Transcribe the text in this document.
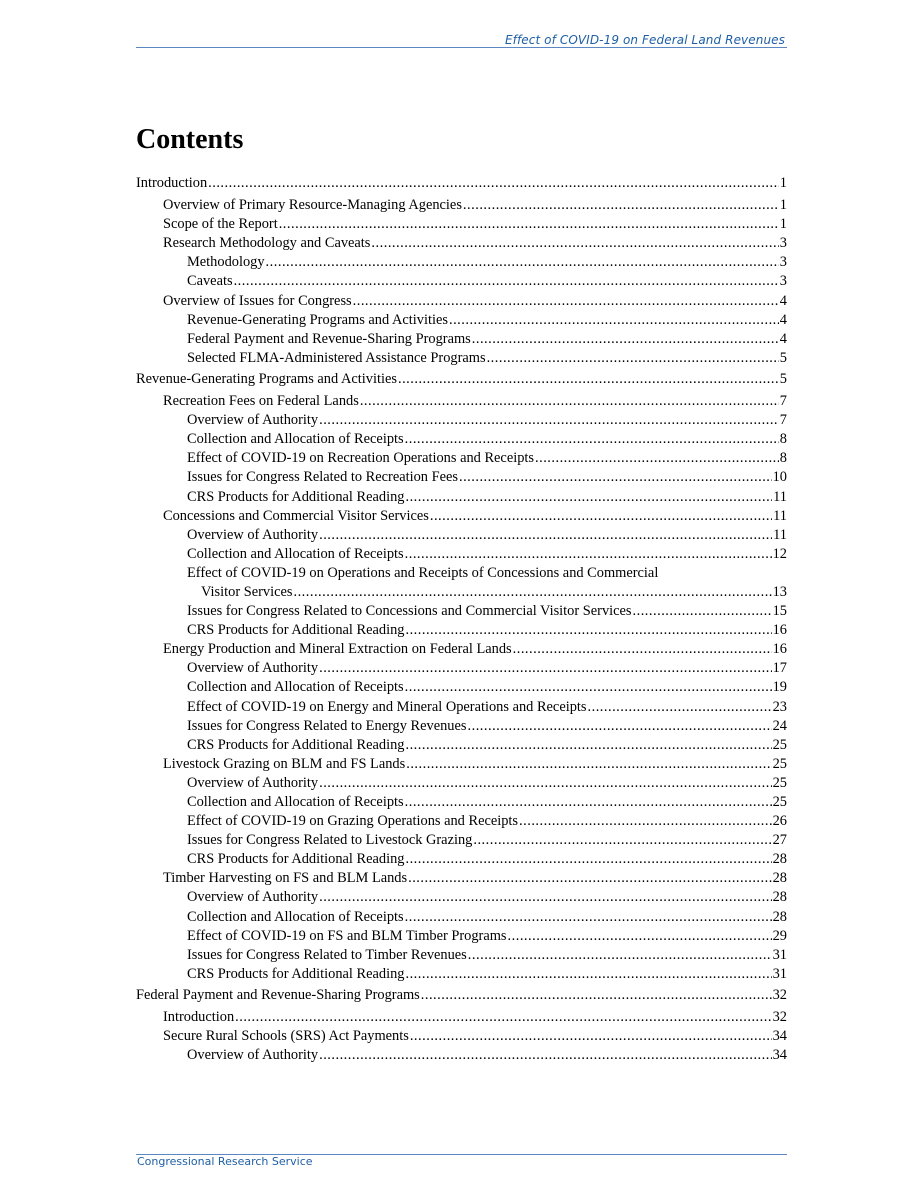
Effect of COVID-19 on Federal Land Revenues
Contents
Introduction .....	1
Overview of Primary Resource-Managing Agencies .....	1
Scope of the Report .....	1
Research Methodology and Caveats .....	3
Methodology .....	3
Caveats .....	3
Overview of Issues for Congress .....	4
Revenue-Generating Programs and Activities .....	4
Federal Payment and Revenue-Sharing Programs .....	4
Selected FLMA-Administered Assistance Programs .....	5
Revenue-Generating Programs and Activities .....	5
Recreation Fees on Federal Lands .....	7
Overview of Authority .....	7
Collection and Allocation of Receipts .....	8
Effect of COVID-19 on Recreation Operations and Receipts .....	8
Issues for Congress Related to Recreation Fees .....	10
CRS Products for Additional Reading .....	11
Concessions and Commercial Visitor Services .....	11
Overview of Authority .....	11
Collection and Allocation of Receipts .....	12
Effect of COVID-19 on Operations and Receipts of Concessions and Commercial
Visitor Services .....	13
Issues for Congress Related to Concessions and Commercial Visitor Services .....	15
CRS Products for Additional Reading .....	16
Energy Production and Mineral Extraction on Federal Lands .....	16
Overview of Authority .....	17
Collection and Allocation of Receipts .....	19
Effect of COVID-19 on Energy and Mineral Operations and Receipts .....	23
Issues for Congress Related to Energy Revenues .....	24
CRS Products for Additional Reading .....	25
Livestock Grazing on BLM and FS Lands .....	25
Overview of Authority .....	25
Collection and Allocation of Receipts .....	25
Effect of COVID-19 on Grazing Operations and Receipts .....	26
Issues for Congress Related to Livestock Grazing .....	27
CRS Products for Additional Reading .....	28
Timber Harvesting on FS and BLM Lands .....	28
Overview of Authority .....	28
Collection and Allocation of Receipts .....	28
Effect of COVID-19 on FS and BLM Timber Programs .....	29
Issues for Congress Related to Timber Revenues .....	31
CRS Products for Additional Reading .....	31
Federal Payment and Revenue-Sharing Programs .....	32
Introduction .....	32
Secure Rural Schools (SRS) Act Payments .....	34
Overview of Authority .....	34
Congressional Research Service
